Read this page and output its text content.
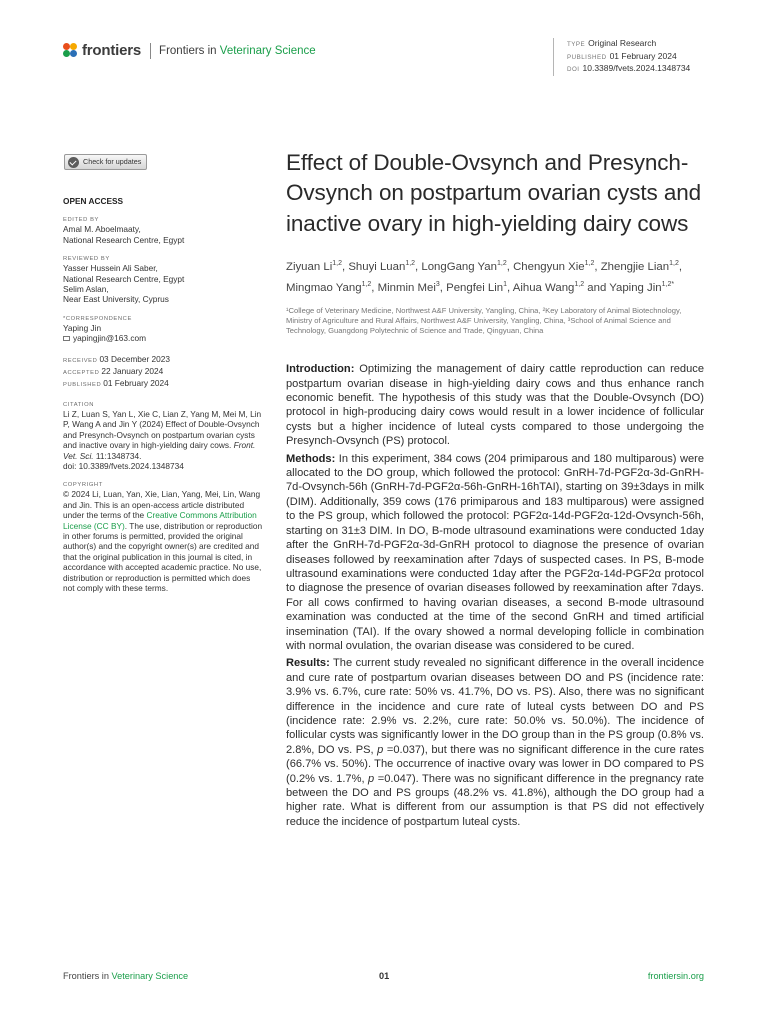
frontiers Frontiers in Veterinary Science	TYPE Original Research
PUBLISHED 01 February 2024
DOI 10.3389/fvets.2024.1348734
Check for updates
OPEN ACCESS
EDITED BY
Amal M. Aboelmaaty,
National Research Centre, Egypt
REVIEWED BY
Yasser Hussein Ali Saber,
National Research Centre, Egypt
Selim Aslan,
Near East University, Cyprus
*CORRESPONDENCE
Yaping Jin
yapingjin@163.com
RECEIVED 03 December 2023
ACCEPTED 22 January 2024
PUBLISHED 01 February 2024
CITATION
Li Z, Luan S, Yan L, Xie C, Lian Z, Yang M, Mei M, Lin P, Wang A and Jin Y (2024) Effect of Double-Ovsynch and Presynch-Ovsynch on postpartum ovarian cysts and inactive ovary in high-yielding dairy cows. Front. Vet. Sci. 11:1348734.
doi: 10.3389/fvets.2024.1348734
COPYRIGHT
© 2024 Li, Luan, Yan, Xie, Lian, Yang, Mei, Lin, Wang and Jin. This is an open-access article distributed under the terms of the Creative Commons Attribution License (CC BY). The use, distribution or reproduction in other forums is permitted, provided the original author(s) and the copyright owner(s) are credited and that the original publication in this journal is cited, in accordance with accepted academic practice. No use, distribution or reproduction is permitted which does not comply with these terms.
Effect of Double-Ovsynch and Presynch-Ovsynch on postpartum ovarian cysts and inactive ovary in high-yielding dairy cows
Ziyuan Li$^{1,2}$, Shuyi Luan$^{1,2}$, LongGang Yan$^{1,2}$, Chengyun Xie$^{1,2}$, Zhengjie Lian$^{1,2}$, Mingmao Yang$^{1,2}$, Minmin Mei$^3$, Pengfei Lin$^1$, Aihua Wang$^{1,2}$ and Yaping Jin$^{1,2*}$
¹College of Veterinary Medicine, Northwest A&F University, Yangling, China, ²Key Laboratory of Animal Biotechnology, Ministry of Agriculture and Rural Affairs, Northwest A&F University, Yangling, China, ³School of Animal Science and Technology, Guangdong Polytechnic of Science and Trade, Qingyuan, China

Introduction: Optimizing the management of dairy cattle reproduction can reduce postpartum ovarian disease in high-yielding dairy cows and thus enhance ranch economic benefit. The hypothesis of this study was that the Double-Ovsynch (DO) protocol in high-producing dairy cows would result in a lower incidence of follicular cysts but a higher incidence of luteal cysts compared to those undergoing the Presynch-Ovsynch (PS) protocol.

Methods: In this experiment, 384 cows (204 primiparous and 180 multiparous) were allocated to the DO group, which followed the protocol: GnRH-7d-PGF2α-3d-GnRH-7d-Ovsynch-56h (GnRH-7d-PGF2α-56h-GnRH-16hTAI), starting on 39±3days in milk (DIM). Additionally, 359 cows (176 primiparous and 183 multiparous) were assigned to the PS group, which followed the protocol: PGF2α-14d-PGF2α-12d-Ovsynch-56h, starting on 31±3 DIM. In DO, B-mode ultrasound examinations were conducted 1day after the GnRH-7d-PGF2α-3d-GnRH protocol to diagnose the presence of ovarian diseases followed by reexamination after 7days of suspected cases. In PS, B-mode ultrasound examinations were conducted 1day after the PGF2α-14d-PGF2α protocol to diagnose the presence of ovarian diseases followed by reexamination after 7days. For all cows confirmed to having ovarian diseases, a second B-mode ultrasound examination was conducted at the time of the second GnRH and timed artificial insemination (TAI). If the ovary showed a normal developing follicle in combination with normal ovulation, the ovarian disease was considered to be cured.

Results: The current study revealed no significant difference in the overall incidence and cure rate of postpartum ovarian diseases between DO and PS (incidence rate: 3.9% vs. 6.7%, cure rate: 50% vs. 41.7%, DO vs. PS). Also, there was no significant difference in the incidence and cure rate of luteal cysts between DO and PS (incidence rate: 2.9% vs. 2.2%, cure rate: 50.0% vs. 50.0%). The incidence of follicular cysts was significantly lower in the DO group than in the PS group (0.8% vs. 2.8%, DO vs. PS, p =0.037), but there was no significant difference in the cure rates (66.7% vs. 50%). The occurrence of inactive ovary was lower in DO compared to PS (0.2% vs. 1.7%, p =0.047). There was no significant difference in the pregnancy rate between the DO and PS groups (48.2% vs. 41.8%), although the DO group had a higher rate. What is different from our assumption is that PS did not effectively reduce the incidence of postpartum luteal cysts.

Frontiers in Veterinary Science	01	frontiersin.org
